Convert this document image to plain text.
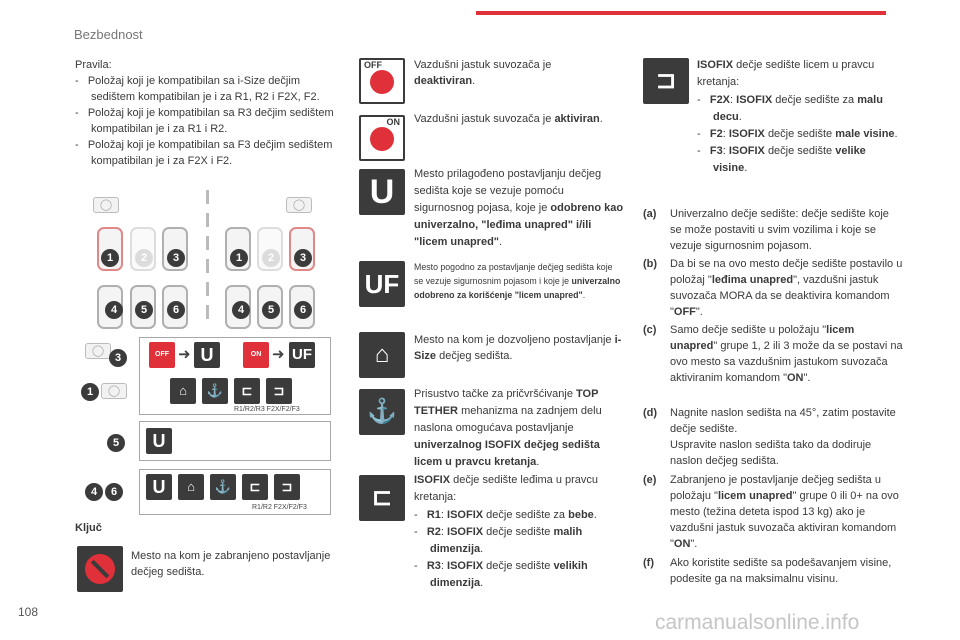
Bezbednost
108	carmanualsonline.info
Pravila:
-   Položaj koji je kompatibilan sa i-Size dečjim sedištem kompatibilan je i za R1, R2 i F2X, F2.
-   Položaj koji je kompatibilan sa R3 dečjim sedištem kompatibilan je i za R1 i R2.
-   Položaj koji je kompatibilan sa F3 dečjim sedištem kompatibilan je i za F2X i F2.
◯
1	2	3
4	5	6
◯
1	2	3
4	5	6
◯
3
1	◯
5
4	6
OFF ➜ U	ON ➜ UF
⌂	⚓	⊏	⊐
R1/R2/R3 F2X/F2/F3
U
U	⌂	⚓	⊏	⊐
R1/R2 F2X/F2/F3
Ključ
Mesto na kom je zabranjeno postavljanje dečjeg sedišta.
OFF	Vazdušni jastuk suvozača je deaktiviran.
ON Vazdušni jastuk suvozača je aktiviran.
U	Mesto prilagođeno postavljanju dečjeg sedišta koje se vezuje pomoću sigurnosnog pojasa, koje je odobreno kao univerzalno, "leđima unapred" i/ili "licem unapred".
UF
Mesto pogodno za postavljanje dečjeg sedišta koje se vezuje sigurnosnim pojasom i koje je univerzalno odobreno za korišćenje "licem unapred".
⌂
Mesto na kom je dozvoljeno postavljanje i-Size dečjeg sedišta.
⚓
Prisustvo tačke za pričvršćivanje TOP TETHER mehanizma na zadnjem delu naslona omogućava postavljanje univerzalnog ISOFIX dečjeg sedišta licem u pravcu kretanja.
⊏
ISOFIX dečje sedište leđima u pravcu kretanja:
-   R1: ISOFIX dečje sedište za bebe.
-   R2: ISOFIX dečje sedište malih dimenzija.
-   R3: ISOFIX dečje sedište velikih dimenzija.
⊐
ISOFIX dečje sedište licem u pravcu kretanja:
-   F2X: ISOFIX dečje sedište za malu decu.
-   F2: ISOFIX dečje sedište male visine.
-   F3: ISOFIX dečje sedište velike visine.
(a)	Univerzalno dečje sedište: dečje sedište koje se može postaviti u svim vozilima i koje se vezuje sigurnosnim pojasom.
(b)	Da bi se na ovo mesto dečje sedište postavilo u položaj "leđima unapred", vazdušni jastuk suvozača MORA da se deaktivira komandom "OFF".
(c)	Samo dečje sedište u položaju "licem unapred" grupe 1, 2 ili 3 može da se postavi na ovo mesto sa vazdušnim jastukom suvozača aktiviranim komandom "ON".
(d)	Nagnite naslon sedišta na 45°, zatim postavite dečje sedište.
Uspravite naslon sedišta tako da dodiruje naslon dečjeg sedišta.
(e)	Zabranjeno je postavljanje dečjeg sedišta u položaju "licem unapred" grupe 0 ili 0+ na ovo mesto (težina deteta ispod 13 kg) ako je vazdušni jastuk suvozača aktiviran komandom "ON".
(f)	Ako koristite sedište sa podešavanjem visine, podesite ga na maksimalnu visinu.
